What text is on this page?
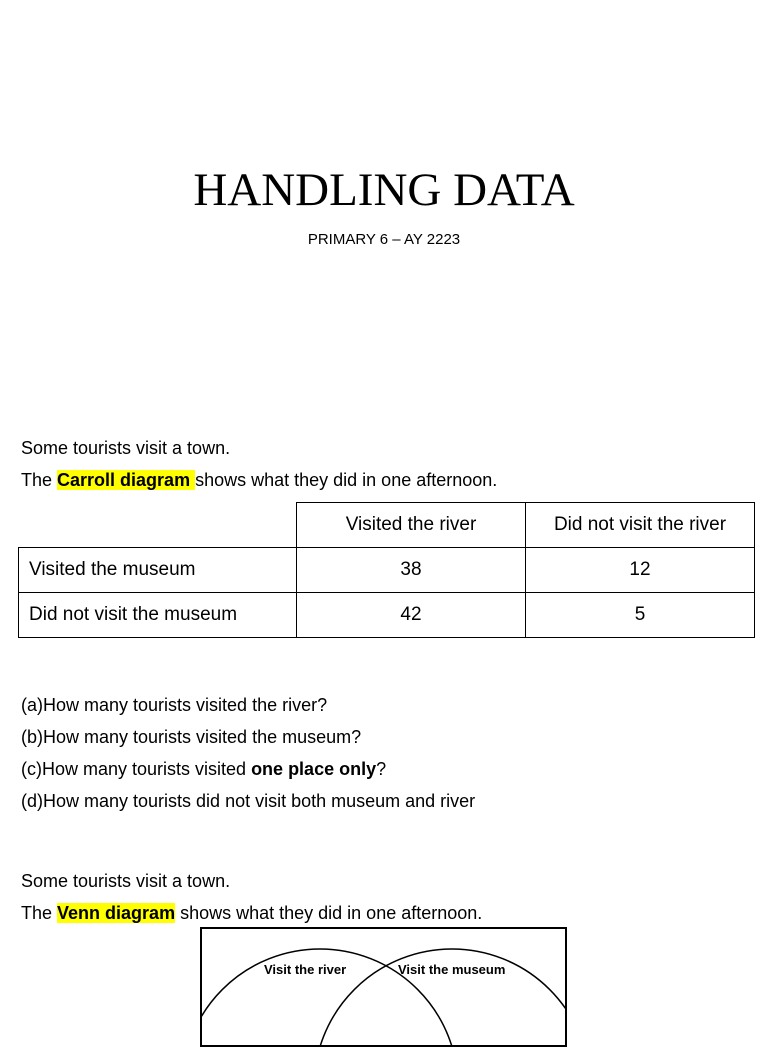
HANDLING DATA
PRIMARY 6 – AY 2223
Some tourists visit a town.
The Carroll diagram shows what they did in one afternoon.
	Visited the river	Did not visit the river
Visited the museum	38	12
Did not visit the museum	42	5
(a)How many tourists visited the river?
(b)How many tourists visited the museum?
(c)How many tourists visited one place only?
(d)How many tourists did not visit both museum and river
Some tourists visit a town.
The Venn diagram shows what they did in one afternoon.
Visit the river	Visit the museum
